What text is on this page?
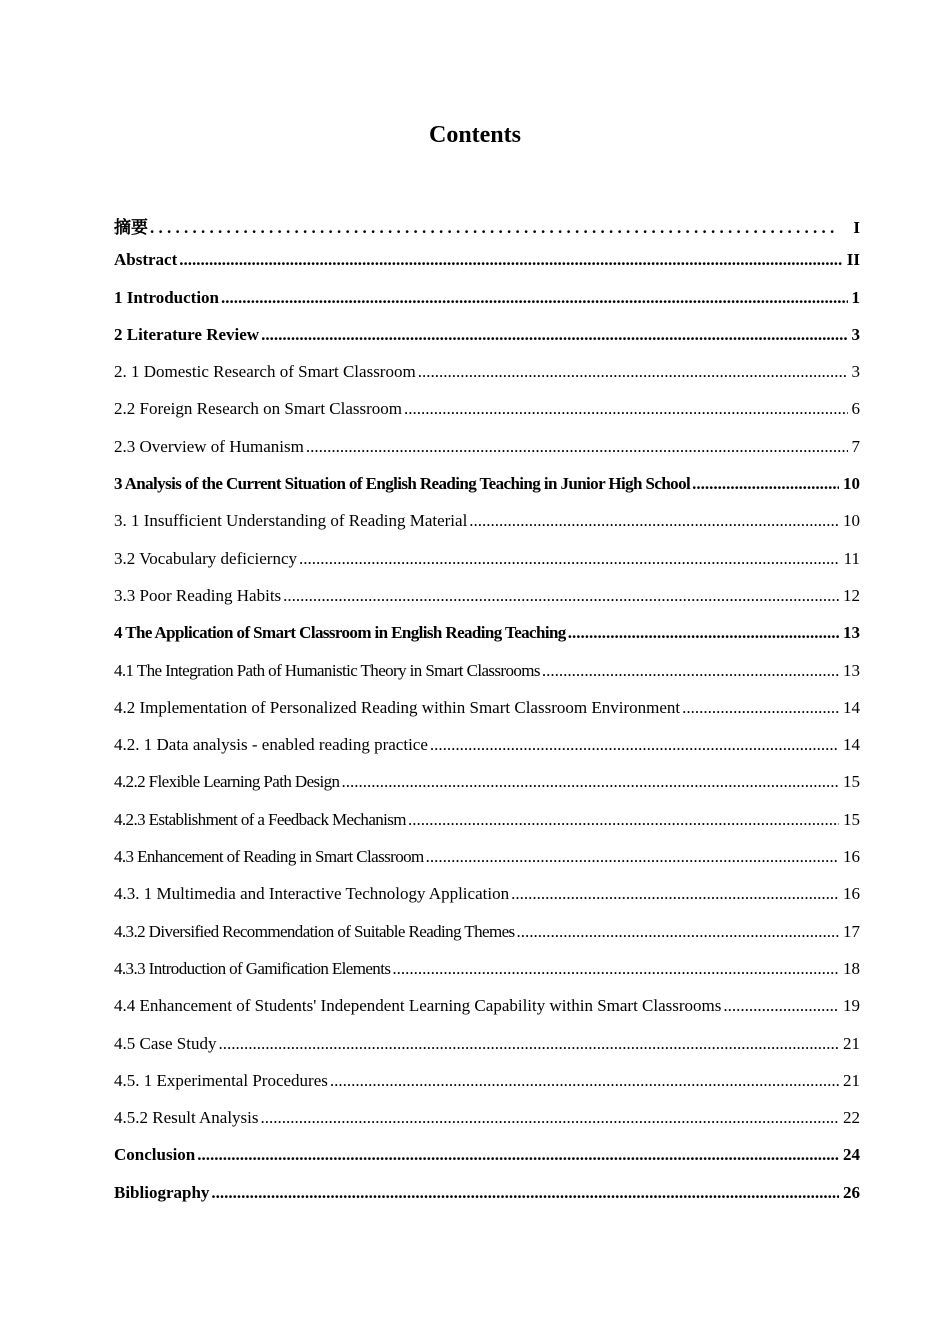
Contents
摘要 . . .	I
Abstract .....	II
1 Introduction .....	1
2 Literature Review .....	3
2. 1 Domestic Research of Smart Classroom .....	3
2.2 Foreign Research on Smart Classroom .....	6
2.3 Overview of Humanism .....	7
3 Analysis of the Current Situation of English Reading Teaching in Junior High School .....	10
3. 1 Insufficient Understanding of Reading Material .....	10
3.2 Vocabulary deficierncy .....	11
3.3 Poor Reading Habits .....	12
4 The Application of Smart Classroom in English Reading Teaching .....	13
4.1 The Integration Path of Humanistic Theory in Smart Classrooms .....	13
4.2 Implementation of Personalized Reading within Smart Classroom Environment .....	14
4.2. 1 Data analysis - enabled reading practice .....	14
4.2.2 Flexible Learning Path Design .....	15
4.2.3 Establishment of a Feedback Mechanism .....	15
4.3 Enhancement of Reading in Smart Classroom .....	16
4.3. 1 Multimedia and Interactive Technology Application .....	16
4.3.2 Diversified Recommendation of Suitable Reading Themes .....	17
4.3.3 Introduction of Gamification Elements .....	18
4.4 Enhancement of Students' Independent Learning Capability within Smart Classrooms .....	19
4.5 Case Study .....	21
4.5. 1 Experimental Procedures .....	21
4.5.2 Result Analysis .....	22
Conclusion .....	24
Bibliography .....	26
